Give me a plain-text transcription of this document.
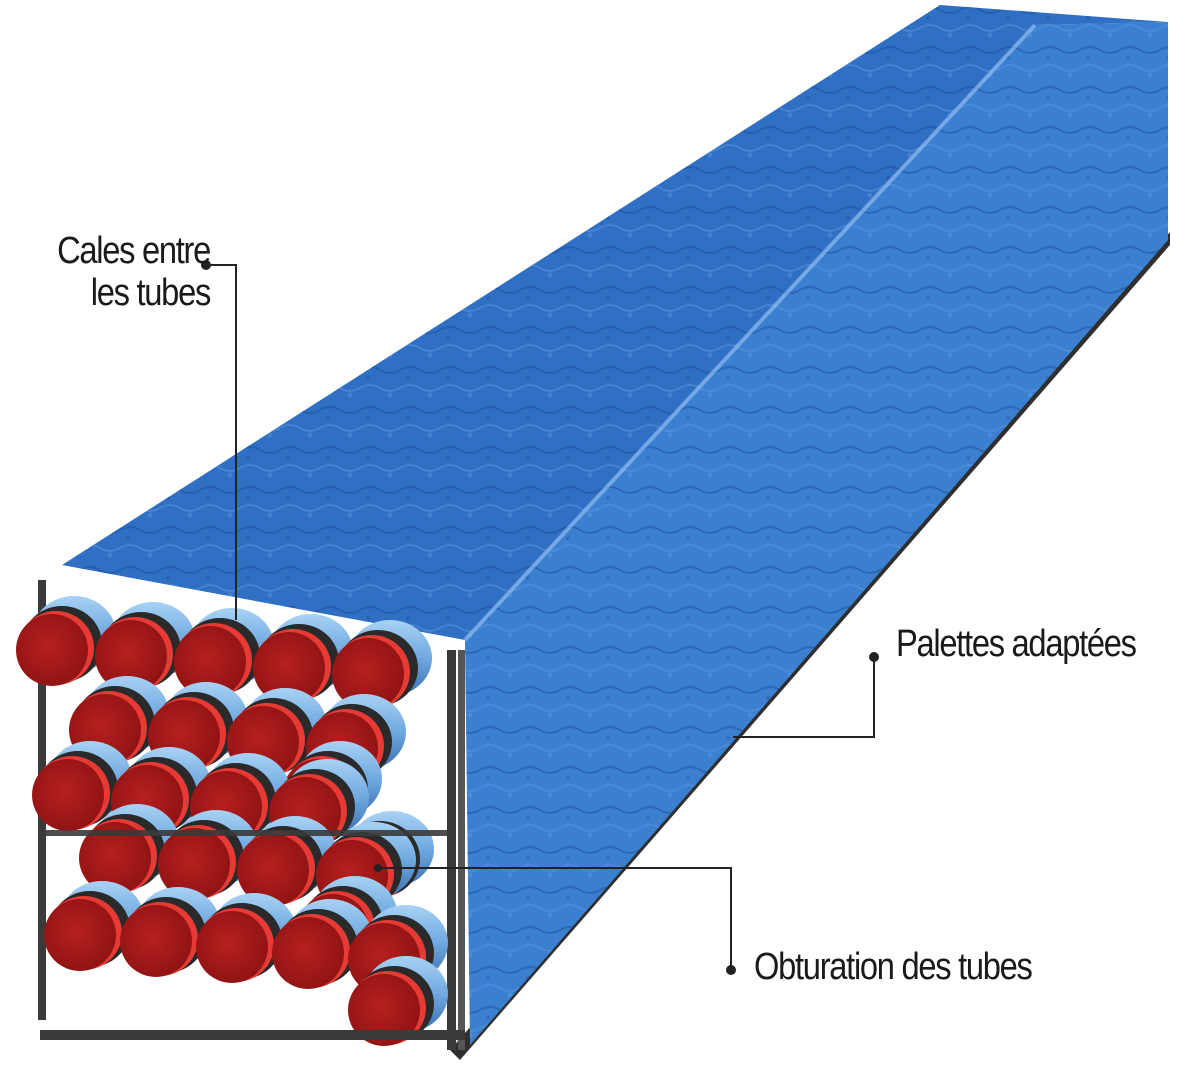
Cales entre
les tubes
Palettes adaptées
Obturation des tubes
